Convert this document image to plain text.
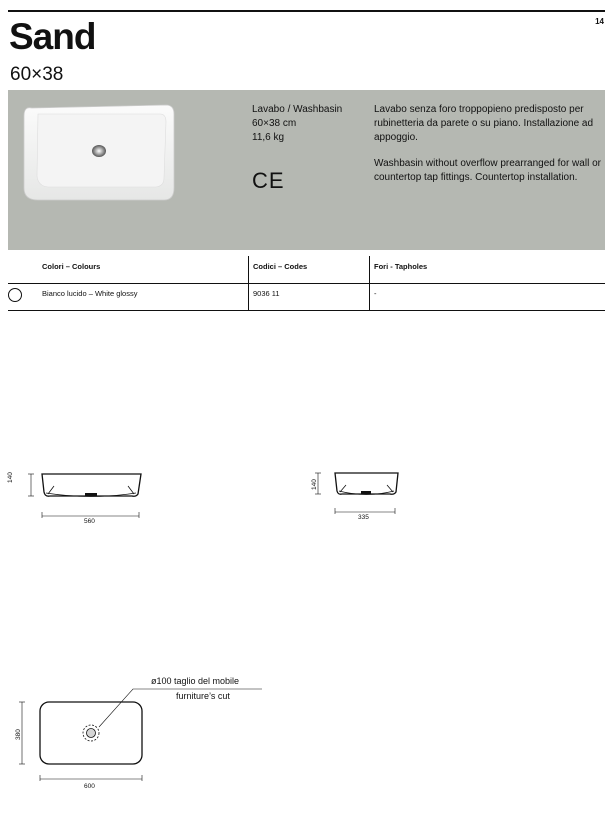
14
Sand
60×38
Lavabo / Washbasin
60×38 cm
11,6 kg
CE

Lavabo senza foro troppopieno predisposto per rubinetteria da parete o su piano. Installazione ad appoggio.

Washbasin without overflow prearranged for wall or countertop tap fittings. Countertop installation.

Colori – Colours	Codici – Codes	Fori - Tapholes
Bianco lucido – White glossy	9036 11	-
140
560
140
335
ø100 taglio del mobile
furniture’s cut
380
600
